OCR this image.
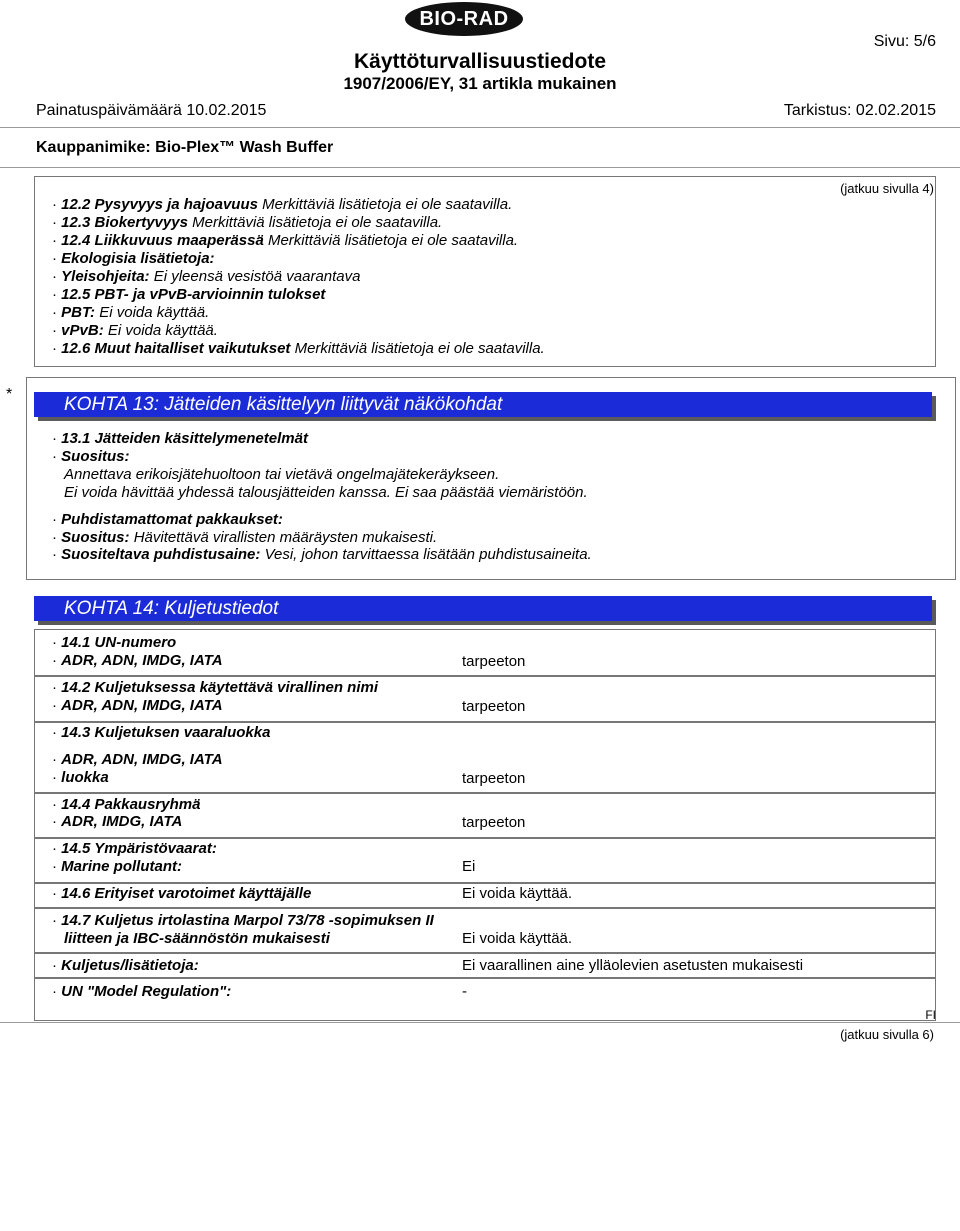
BIO-RAD
Sivu: 5/6
Käyttöturvallisuustiedote
1907/2006/EY, 31 artikla mukainen
Painatuspäivämäärä 10.02.2015	Tarkistus: 02.02.2015
Kauppanimike: Bio-Plex™ Wash Buffer
(jatkuu sivulla 4)
· 12.2 Pysyvyys ja hajoavuus Merkittäviä lisätietoja ei ole saatavilla.
· 12.3 Biokertyvyys Merkittäviä lisätietoja ei ole saatavilla.
· 12.4 Liikkuvuus maaperässä Merkittäviä lisätietoja ei ole saatavilla.
· Ekologisia lisätietoja:
· Yleisohjeita: Ei yleensä vesistöä vaarantava
· 12.5 PBT- ja vPvB-arvioinnin tulokset
· PBT: Ei voida käyttää.
· vPvB: Ei voida käyttää.
· 12.6 Muut haitalliset vaikutukset Merkittäviä lisätietoja ei ole saatavilla.
*	KOHTA 13: Jätteiden käsittelyyn liittyvät näkökohdat
· 13.1 Jätteiden käsittelymenetelmät
· Suositus:
Annettava erikoisjätehuoltoon tai vietävä ongelmajätekeräykseen.
Ei voida hävittää yhdessä talousjätteiden kanssa. Ei saa päästää viemäristöön.
· Puhdistamattomat pakkaukset:
· Suositus: Hävitettävä virallisten määräysten mukaisesti.
· Suositeltava puhdistusaine: Vesi, johon tarvittaessa lisätään puhdistusaineita.
KOHTA 14: Kuljetustiedot
· 14.1 UN-numero
· ADR, ADN, IMDG, IATA	tarpeeton
· 14.2 Kuljetuksessa käytettävä virallinen nimi
· ADR, ADN, IMDG, IATA	tarpeeton
· 14.3 Kuljetuksen vaaraluokka
· ADR, ADN, IMDG, IATA
· luokka	tarpeeton
· 14.4 Pakkausryhmä
· ADR, IMDG, IATA	tarpeeton
· 14.5 Ympäristövaarat:
· Marine pollutant:	Ei
· 14.6 Erityiset varotoimet käyttäjälle	Ei voida käyttää.
· 14.7 Kuljetus irtolastina Marpol 73/78 -sopimuksen II
liitteen ja IBC-säännöstön mukaisesti	Ei voida käyttää.
· Kuljetus/lisätietoja:	Ei vaarallinen aine ylläolevien asetusten mukaisesti
· UN "Model Regulation":	-
FI
(jatkuu sivulla 6)
